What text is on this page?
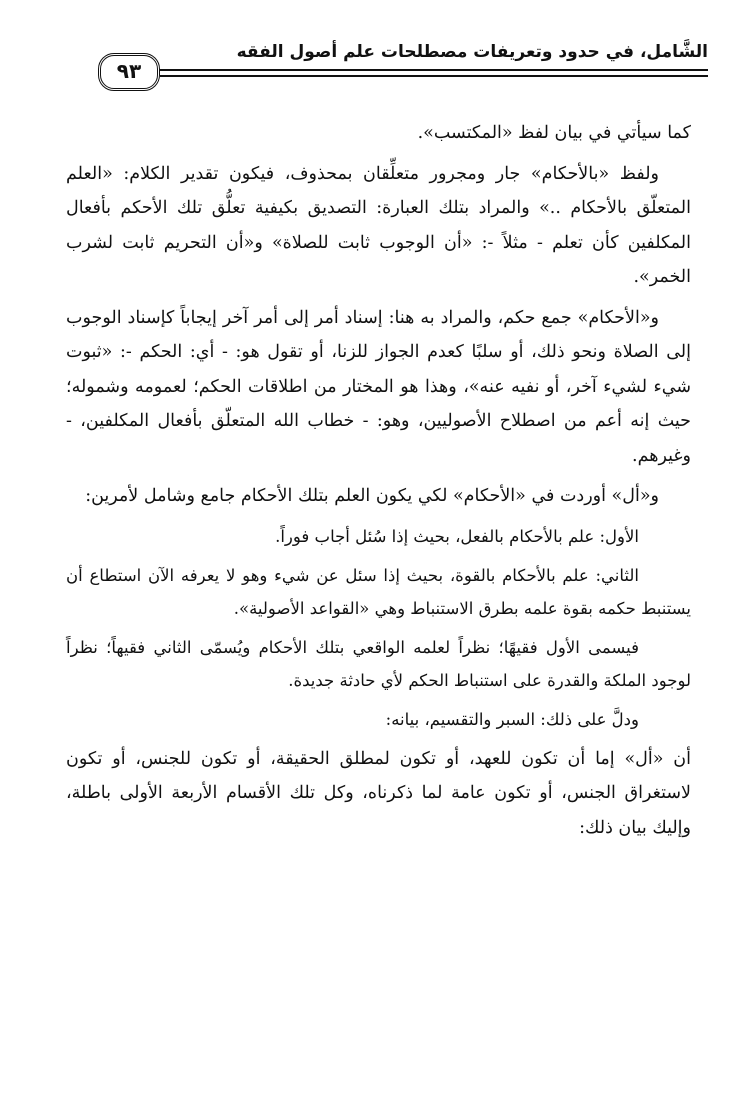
الشَّامل، في حدود وتعريفات مصطلحات علم أصول الفقه
٩٣

كما سيأتي في بيان لفظ «المكتسب».

ولفظ «بالأحكام» جار ومجرور متعلِّقان بمحذوف، فيكون تقدير الكلام: «العلم المتعلّق بالأحكام ..» والمراد بتلك العبارة: التصديق بكيفية تعلُّق تلك الأحكم بأفعال المكلفين كأن تعلم - مثلاً -: «أن الوجوب ثابت للصلاة» و«أن التحريم ثابت لشرب الخمر».

و«الأحكام» جمع حكم، والمراد به هنا: إسناد أمر إلى أمر آخر إيجاباً كإسناد الوجوب إلى الصلاة ونحو ذلك، أو سلبًا كعدم الجواز للزنا، أو تقول هو: - أي: الحكم -: «ثبوت شيء لشيء آخر، أو نفيه عنه»، وهذا هو المختار من اطلاقات الحكم؛ لعمومه وشموله؛ حيث إنه أعم من اصطلاح الأصوليين، وهو: - خطاب الله المتعلّق بأفعال المكلفين، - وغيرهم.

و«أل» أوردت في «الأحكام» لكي يكون العلم بتلك الأحكام جامع وشامل لأمرين:

الأول: علم بالأحكام بالفعل، بحيث إذا سُئل أجاب فوراً.

الثاني: علم بالأحكام بالقوة، بحيث إذا سئل عن شيء وهو لا يعرفه الآن استطاع أن يستنبط حكمه بقوة علمه بطرق الاستنباط وهي «القواعد الأصولية».

فيسمى الأول فقيهًا؛ نظراً لعلمه الواقعي بتلك الأحكام ويُسمّى الثاني فقيهاً؛ نظراً لوجود الملكة والقدرة على استنباط الحكم لأي حادثة جديدة.

ودلَّ على ذلك: السبر والتقسيم، بيانه:

أن «أل» إما أن تكون للعهد، أو تكون لمطلق الحقيقة، أو تكون للجنس، أو تكون لاستغراق الجنس، أو تكون عامة لما ذكرناه، وكل تلك الأقسام الأربعة الأولى باطلة، وإليك بيان ذلك:
